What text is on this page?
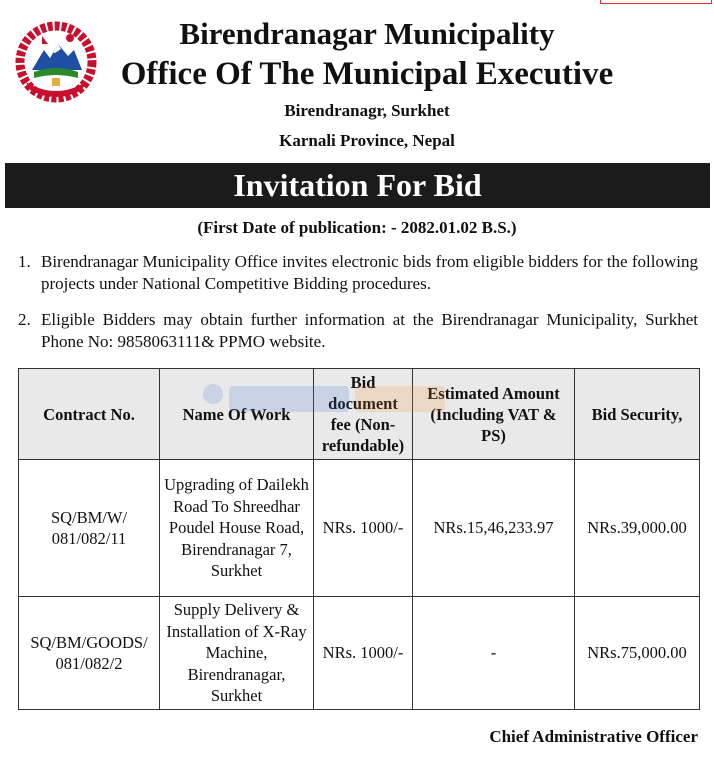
Birendranagar Municipality
Office Of The Municipal Executive
Birendranagr, Surkhet
Karnali Province, Nepal
Invitation For Bid
(First Date of publication: - 2082.01.02 B.S.)
1. Birendranagar Municipality Office invites electronic bids from eligible bidders for the following projects under National Competitive Bidding procedures.
2. Eligible Bidders may obtain further information at the Birendranagar Municipality, Surkhet Phone No: 9858063111& PPMO website.
Contract No.	Name Of Work	Bid document fee (Non-refundable)	Estimated Amount (Including VAT & PS)	Bid Security,
SQ/BM/W/ 081/082/11	Upgrading of Dailekh Road To Shreedhar Poudel House Road, Birendranagar 7, Surkhet	NRs. 1000/-	NRs.15,46,233.97	NRs.39,000.00
SQ/BM/GOODS/ 081/082/2	Supply Delivery & Installation of X-Ray Machine, Birendranagar, Surkhet	NRs. 1000/-	-	NRs.75,000.00
Chief Administrative Officer
